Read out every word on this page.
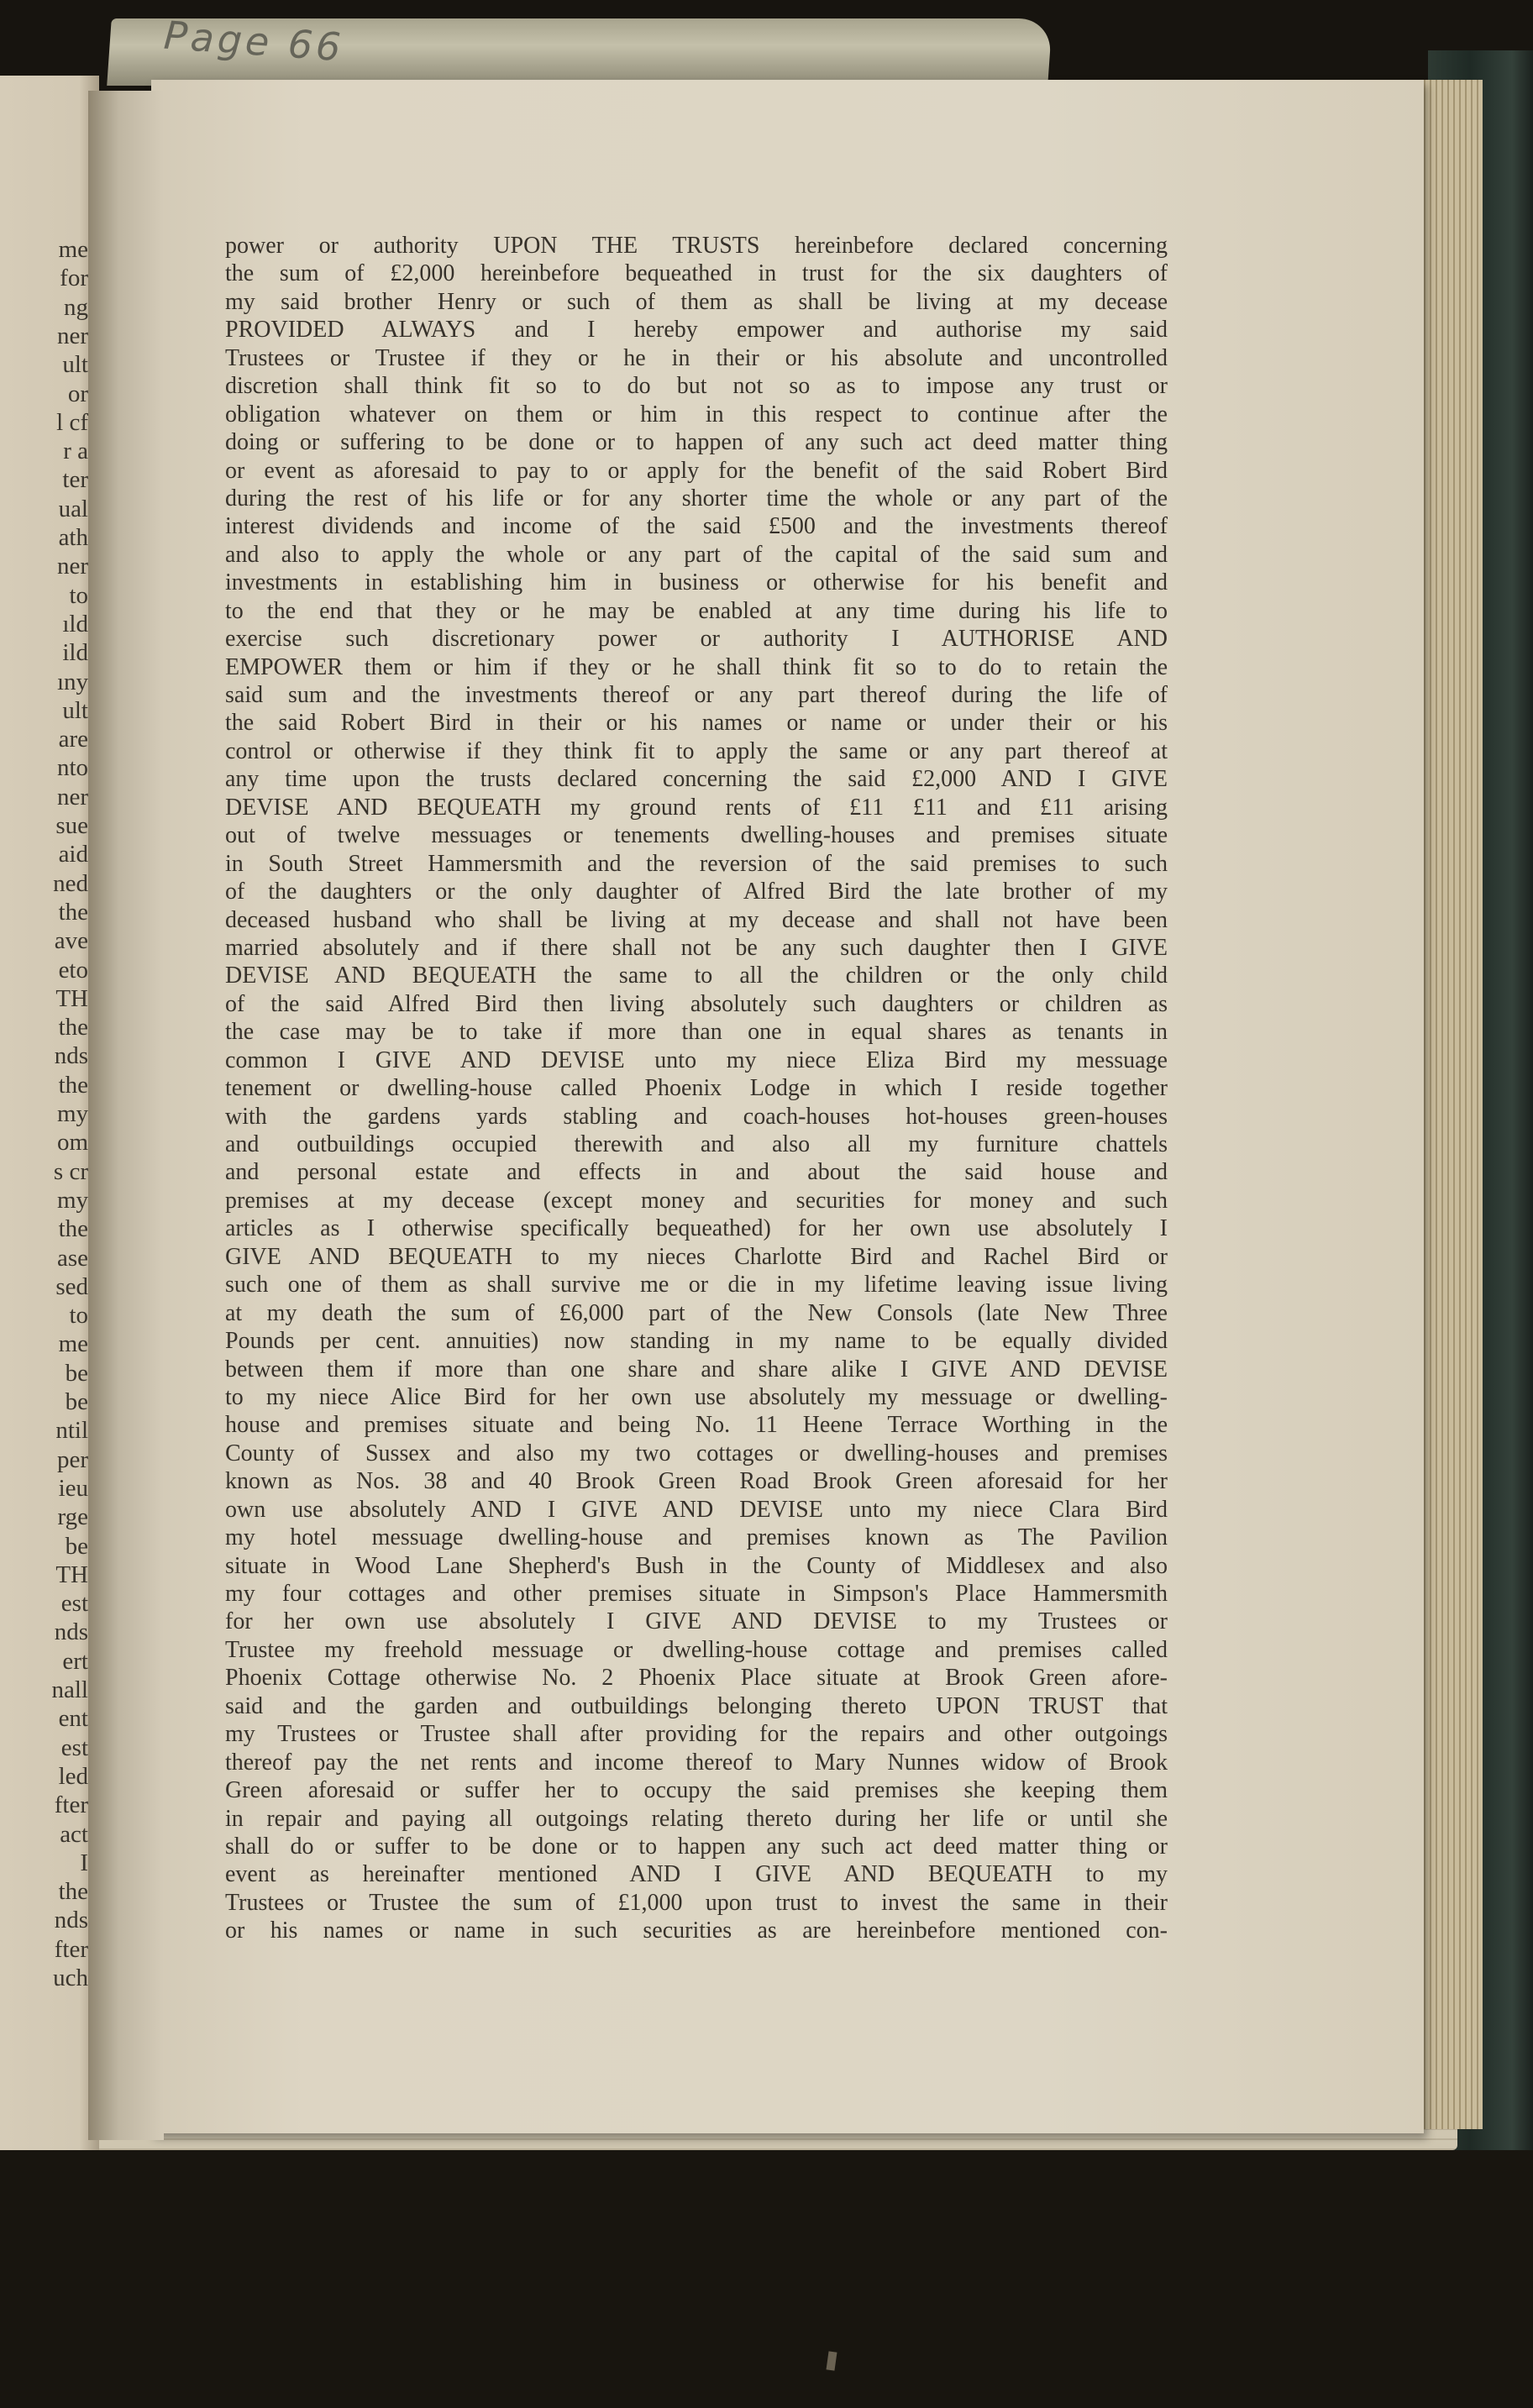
Page 66
me
for
ng
ner
ult
or
l cf
r a
ter
ual
ath
ner
to
ıld
ild
ıny
ult
are
nto
ner
sue
aid
ned
the
ave
eto
TH
the
nds
the
my
om
s cr
my
the
ase
sed
to
me
be
be
ntil
per
ieu
rge
be
TH
est
nds
ert
nall
ent
est
led
fter
act
I
the
nds
fter
uch
power or authority UPON THE TRUSTS hereinbefore declared concerning
the sum of £2,000 hereinbefore bequeathed in trust for the six daughters of
my said brother Henry or such of them as shall be living at my decease
PROVIDED ALWAYS and I hereby empower and authorise my said
Trustees or Trustee if they or he in their or his absolute and uncontrolled
discretion shall think fit so to do but not so as to impose any trust or
obligation whatever on them or him in this respect to continue after the
doing or suffering to be done or to happen of any such act deed matter thing
or event as aforesaid to pay to or apply for the benefit of the said Robert Bird
during the rest of his life or for any shorter time the whole or any part of the
interest dividends and income of the said £500 and the investments thereof
and also to apply the whole or any part of the capital of the said sum and
investments in establishing him in business or otherwise for his benefit and
to the end that they or he may be enabled at any time during his life to
exercise such discretionary power or authority I AUTHORISE AND
EMPOWER them or him if they or he shall think fit so to do to retain the
said sum and the investments thereof or any part thereof during the life of
the said Robert Bird in their or his names or name or under their or his
control or otherwise if they think fit to apply the same or any part thereof at
any time upon the trusts declared concerning the said £2,000 AND I GIVE
DEVISE AND BEQUEATH my ground rents of £11 £11 and £11 arising
out of twelve messuages or tenements dwelling-houses and premises situate
in South Street Hammersmith and the reversion of the said premises to such
of the daughters or the only daughter of Alfred Bird the late brother of my
deceased husband who shall be living at my decease and shall not have been
married absolutely and if there shall not be any such daughter then I GIVE
DEVISE AND BEQUEATH the same to all the children or the only child
of the said Alfred Bird then living absolutely such daughters or children as
the case may be to take if more than one in equal shares as tenants in
common I GIVE AND DEVISE unto my niece Eliza Bird my messuage
tenement or dwelling-house called Phoenix Lodge in which I reside together
with the gardens yards stabling and coach-houses hot-houses green-houses
and outbuildings occupied therewith and also all my furniture chattels
and personal estate and effects in and about the said house and
premises at my decease (except money and securities for money and such
articles as I otherwise specifically bequeathed) for her own use absolutely I
GIVE AND BEQUEATH to my nieces Charlotte Bird and Rachel Bird or
such one of them as shall survive me or die in my lifetime leaving issue living
at my death the sum of £6,000 part of the New Consols (late New Three
Pounds per cent. annuities) now standing in my name to be equally divided
between them if more than one share and share alike I GIVE AND DEVISE
to my niece Alice Bird for her own use absolutely my messuage or dwelling-
house and premises situate and being No. 11 Heene Terrace Worthing in the
County of Sussex and also my two cottages or dwelling-houses and premises
known as Nos. 38 and 40 Brook Green Road Brook Green aforesaid for her
own use absolutely AND I GIVE AND DEVISE unto my niece Clara Bird
my hotel messuage dwelling-house and premises known as The Pavilion
situate in Wood Lane Shepherd's Bush in the County of Middlesex and also
my four cottages and other premises situate in Simpson's Place Hammersmith
for her own use absolutely I GIVE AND DEVISE to my Trustees or
Trustee my freehold messuage or dwelling-house cottage and premises called
Phoenix Cottage otherwise No. 2 Phoenix Place situate at Brook Green afore-
said and the garden and outbuildings belonging thereto UPON TRUST that
my Trustees or Trustee shall after providing for the repairs and other outgoings
thereof pay the net rents and income thereof to Mary Nunnes widow of Brook
Green aforesaid or suffer her to occupy the said premises she keeping them
in repair and paying all outgoings relating thereto during her life or until she
shall do or suffer to be done or to happen any such act deed matter thing or
event as hereinafter mentioned AND I GIVE AND BEQUEATH to my
Trustees or Trustee the sum of £1,000 upon trust to invest the same in their
or his names or name in such securities as are hereinbefore mentioned con-
